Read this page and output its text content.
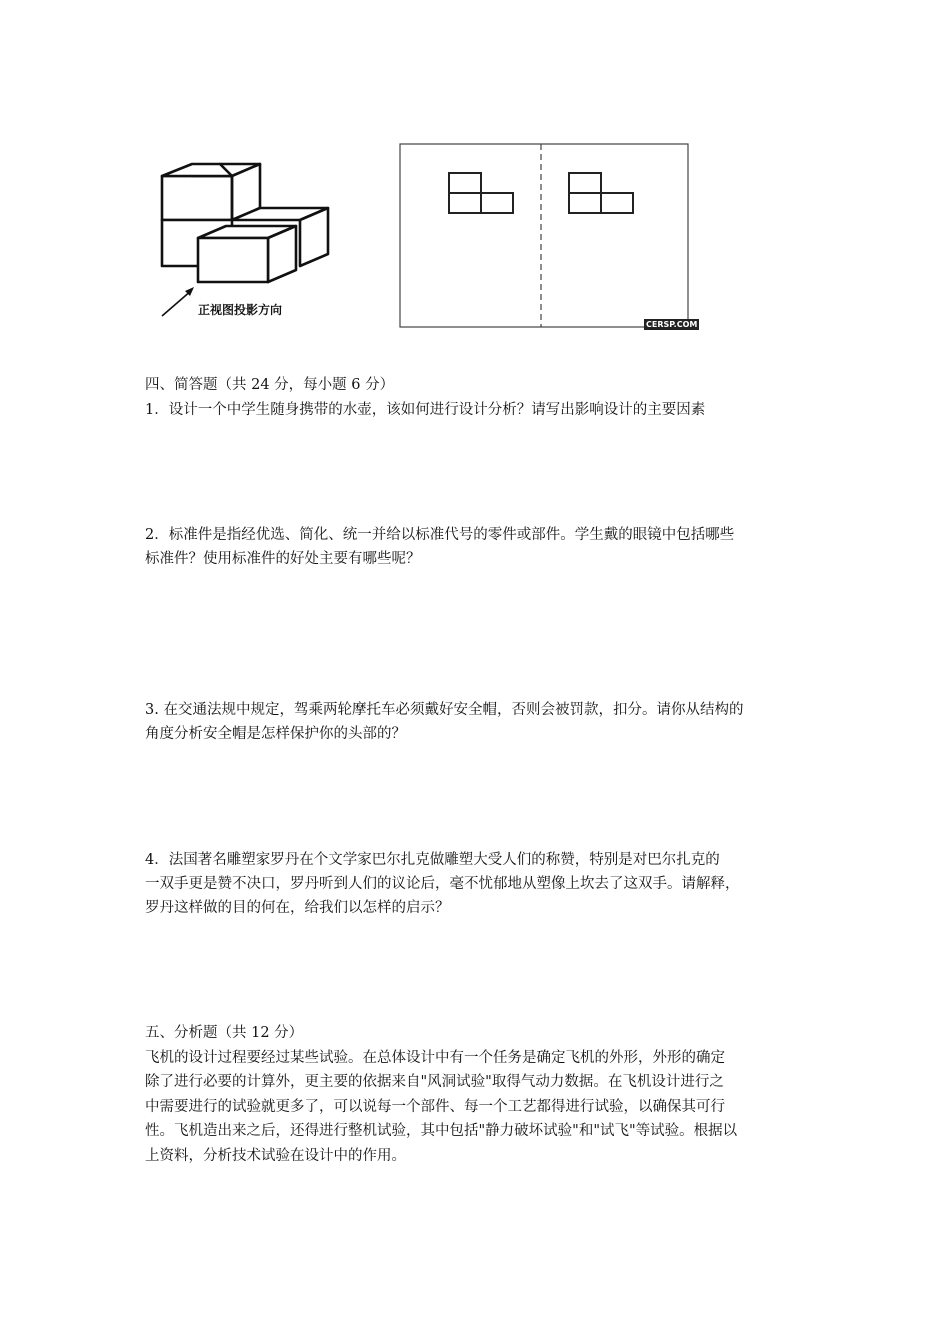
正视图投影方向
CERSP.COM
四、简答题（共 24 分，每小题 6 分）
1．设计一个中学生随身携带的水壶，该如何进行设计分析？请写出影响设计的主要因素
2．标准件是指经优选、简化、统一并给以标准代号的零件或部件。学生戴的眼镜中包括哪些
标准件？使用标准件的好处主要有哪些呢？
3. 在交通法规中规定，驾乘两轮摩托车必须戴好安全帽，否则会被罚款，扣分。请你从结构的
角度分析安全帽是怎样保护你的头部的？
4．法国著名雕塑家罗丹在个文学家巴尔扎克做雕塑大受人们的称赞，特别是对巴尔扎克的
一双手更是赞不决口，罗丹听到人们的议论后，毫不忧郁地从塑像上坎去了这双手。请解释，
罗丹这样做的目的何在，给我们以怎样的启示？
五、分析题（共 12 分）
飞机的设计过程要经过某些试验。在总体设计中有一个任务是确定飞机的外形，外形的确定
除了进行必要的计算外，更主要的依据来自"风洞试验"取得气动力数据。在飞机设计进行之
中需要进行的试验就更多了，可以说每一个部件、每一个工艺都得进行试验，以确保其可行
性。飞机造出来之后，还得进行整机试验，其中包括"静力破坏试验"和"试飞"等试验。根据以
上资料，分析技术试验在设计中的作用。
